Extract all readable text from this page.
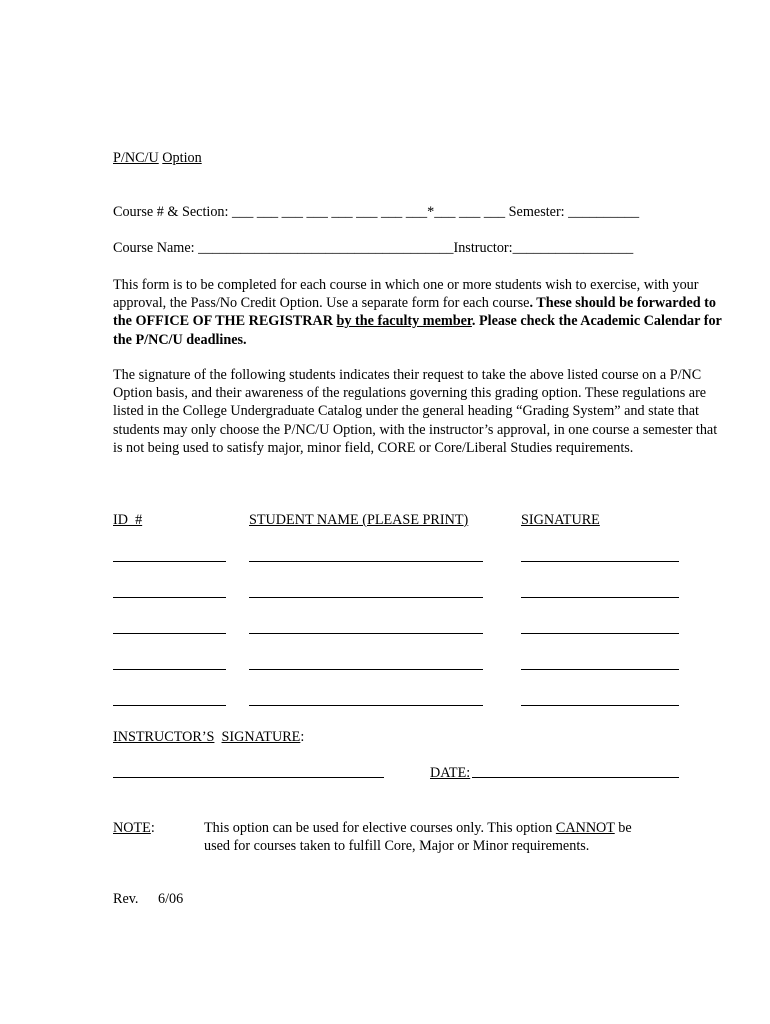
P/NC/U Option
Course # & Section: ___ ___ ___ ___ ___ ___ ___ ___*___ ___ ___ Semester: __________
Course Name: ____________________________________Instructor:_________________
This form is to be completed for each course in which one or more students wish to exercise, with your approval, the Pass/No Credit Option. Use a separate form for each course. These should be forwarded to the OFFICE OF THE REGISTRAR by the faculty member. Please check the Academic Calendar for the P/NC/U deadlines.
The signature of the following students indicates their request to take the above listed course on a P/NC Option basis, and their awareness of the regulations governing this grading option. These regulations are listed in the College Undergraduate Catalog under the general heading “Grading System” and state that students may only choose the P/NC/U Option, with the instructor’s approval, in one course a semester that is not being used to satisfy major, minor field, CORE or Core/Liberal Studies requirements.
ID  #	STUDENT NAME (PLEASE PRINT)	SIGNATURE
INSTRUCTOR’S SIGNATURE:
DATE:
NOTE:	This option can be used for elective courses only. This option CANNOT be
used for courses taken to fulfill Core, Major or Minor requirements.
Rev. 6/06
